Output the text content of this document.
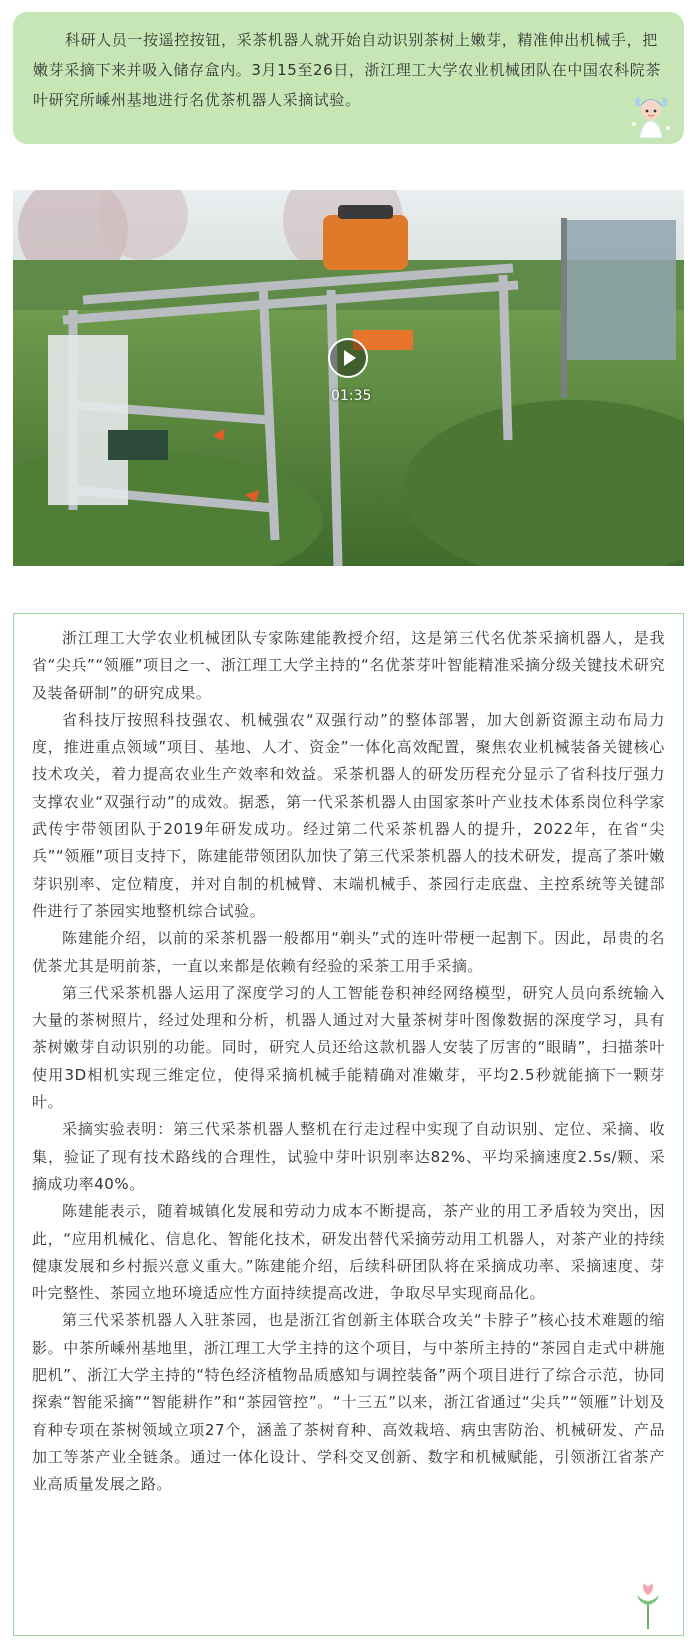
科研人员一按遥控按钮，采茶机器人就开始自动识别茶树上嫩芽，精准伸出机械手，把嫩芽采摘下来并吸入储存盒内。3月15至26日，浙江理工大学农业机械团队在中国农科院茶叶研究所嵊州基地进行名优茶机器人采摘试验。

01:35

浙江理工大学农业机械团队专家陈建能教授介绍，这是第三代名优茶采摘机器人，是我省“尖兵”“领雁”项目之一、浙江理工大学主持的“名优茶芽叶智能精准采摘分级关键技术研究及装备研制”的研究成果。

省科技厅按照科技强农、机械强农“双强行动”的整体部署，加大创新资源主动布局力度，推进重点领域”项目、基地、人才、资金”一体化高效配置，聚焦农业机械装备关键核心技术攻关，着力提高农业生产效率和效益。采茶机器人的研发历程充分显示了省科技厅强力支撑农业“双强行动”的成效。据悉，第一代采茶机器人由国家茶叶产业技术体系岗位科学家武传宇带领团队于2019年研发成功。经过第二代采茶机器人的提升，2022年，在省“尖兵”“领雁”项目支持下，陈建能带领团队加快了第三代采茶机器人的技术研发，提高了茶叶嫩芽识别率、定位精度，并对自制的机械臂、末端机械手、茶园行走底盘、主控系统等关键部件进行了茶园实地整机综合试验。

陈建能介绍，以前的采茶机器一般都用“剃头”式的连叶带梗一起割下。因此，昂贵的名优茶尤其是明前茶，一直以来都是依赖有经验的采茶工用手采摘。

第三代采茶机器人运用了深度学习的人工智能卷积神经网络模型，研究人员向系统输入大量的茶树照片，经过处理和分析，机器人通过对大量茶树芽叶图像数据的深度学习，具有茶树嫩芽自动识别的功能。同时，研究人员还给这款机器人安装了厉害的“眼睛”，扫描茶叶使用3D相机实现三维定位，使得采摘机械手能精确对准嫩芽，平均2.5秒就能摘下一颗芽叶。

采摘实验表明：第三代采茶机器人整机在行走过程中实现了自动识别、定位、采摘、收集，验证了现有技术路线的合理性，试验中芽叶识别率达82%、平均采摘速度2.5s/颗、采摘成功率40%。

陈建能表示，随着城镇化发展和劳动力成本不断提高，茶产业的用工矛盾较为突出，因此，“应用机械化、信息化、智能化技术，研发出替代采摘劳动用工机器人，对茶产业的持续健康发展和乡村振兴意义重大。”陈建能介绍，后续科研团队将在采摘成功率、采摘速度、芽叶完整性、茶园立地环境适应性方面持续提高改进，争取尽早实现商品化。

第三代采茶机器人入驻茶园，也是浙江省创新主体联合攻关“卡脖子”核心技术难题的缩影。中茶所嵊州基地里，浙江理工大学主持的这个项目，与中茶所主持的“茶园自走式中耕施肥机”、浙江大学主持的“特色经济植物品质感知与调控装备”两个项目进行了综合示范，协同探索“智能采摘”“智能耕作”和“茶园管控”。“十三五”以来，浙江省通过“尖兵”“领雁”计划及育种专项在茶树领域立项27个，涵盖了茶树育种、高效栽培、病虫害防治、机械研发、产品加工等茶产业全链条。通过一体化设计、学科交叉创新、数字和机械赋能，引领浙江省茶产业高质量发展之路。
